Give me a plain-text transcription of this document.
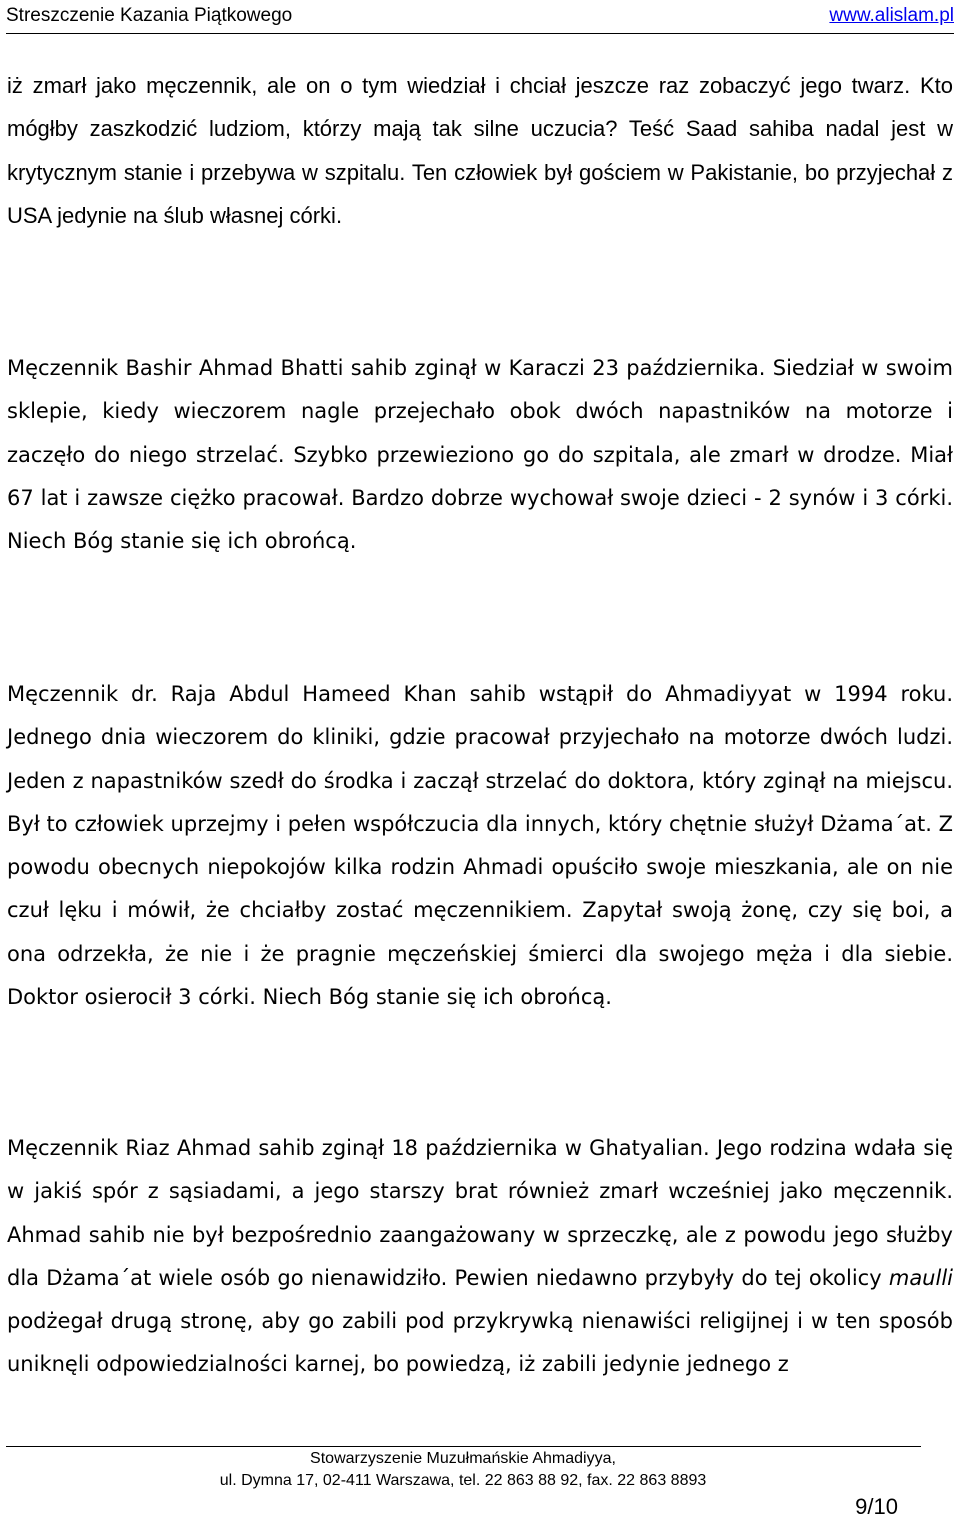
Streszczenie Kazania Piątkowego	www.alislam.pl

iż zmarł jako męczennik, ale on o tym wiedział i chciał jeszcze raz zobaczyć jego twarz. Kto mógłby zaszkodzić ludziom, którzy mają tak silne uczucia? Teść Saad sahiba nadal jest w krytycznym stanie i przebywa w szpitalu. Ten człowiek był gościem w Pakistanie, bo przyjechał z USA jedynie na ślub własnej córki.

Męczennik Bashir Ahmad Bhatti sahib zginął w Karaczi 23 października. Siedział w swoim sklepie, kiedy wieczorem nagle przejechało obok dwóch napastników na motorze i zaczęło do niego strzelać. Szybko przewieziono go do szpitala, ale zmarł w drodze. Miał 67 lat i zawsze ciężko pracował. Bardzo dobrze wychował swoje dzieci - 2 synów i 3 córki. Niech Bóg stanie się ich obrońcą.

Męczennik dr. Raja Abdul Hameed Khan sahib wstąpił do Ahmadiyyat w 1994 roku. Jednego dnia wieczorem do kliniki, gdzie pracował przyjechało na motorze dwóch ludzi. Jeden z napastników szedł do środka i zaczął strzelać do doktora, który zginął na miejscu. Był to człowiek uprzejmy i pełen współczucia dla innych, który chętnie służył Dżama´at. Z powodu obecnych niepokojów kilka rodzin Ahmadi opuściło swoje mieszkania, ale on nie czuł lęku i mówił, że chciałby zostać męczennikiem. Zapytał swoją żonę, czy się boi, a ona odrzekła, że nie i że pragnie męczeńskiej śmierci dla swojego męża i dla siebie. Doktor osierocił 3 córki. Niech Bóg stanie się ich obrońcą.

Męczennik Riaz Ahmad sahib zginął 18 października w Ghatyalian. Jego rodzina wdała się w jakiś spór z sąsiadami, a jego starszy brat również zmarł wcześniej jako męczennik. Ahmad sahib nie był bezpośrednio zaangażowany w sprzeczkę, ale z powodu jego służby dla Dżama´at wiele osób go nienawidziło. Pewien niedawno przybyły do tej okolicy maulli podżegał drugą stronę, aby go zabili pod przykrywką nienawiści religijnej i w ten sposób uniknęli odpowiedzialności karnej, bo powiedzą, iż zabili jedynie jednego z

Stowarzyszenie Muzułmańskie Ahmadiyya,
ul. Dymna 17, 02-411 Warszawa, tel. 22 863 88 92, fax. 22 863 8893
9/10
